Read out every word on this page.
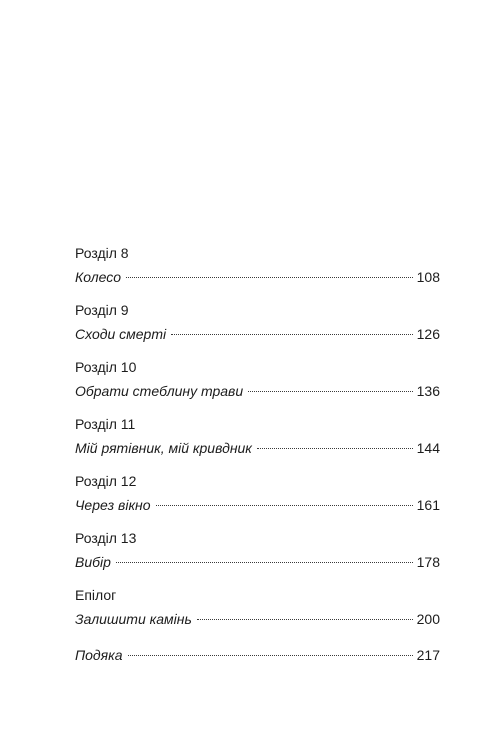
Розділ 8

Колесо	108

Розділ 9

Сходи смерті	126

Розділ 10

Обрати стеблину трави	136

Розділ 11

Мій рятівник, мій кривдник	144

Розділ 12

Через вікно	161

Розділ 13

Вибір	178

Епілог

Залишити камінь	200
Подяка	217
